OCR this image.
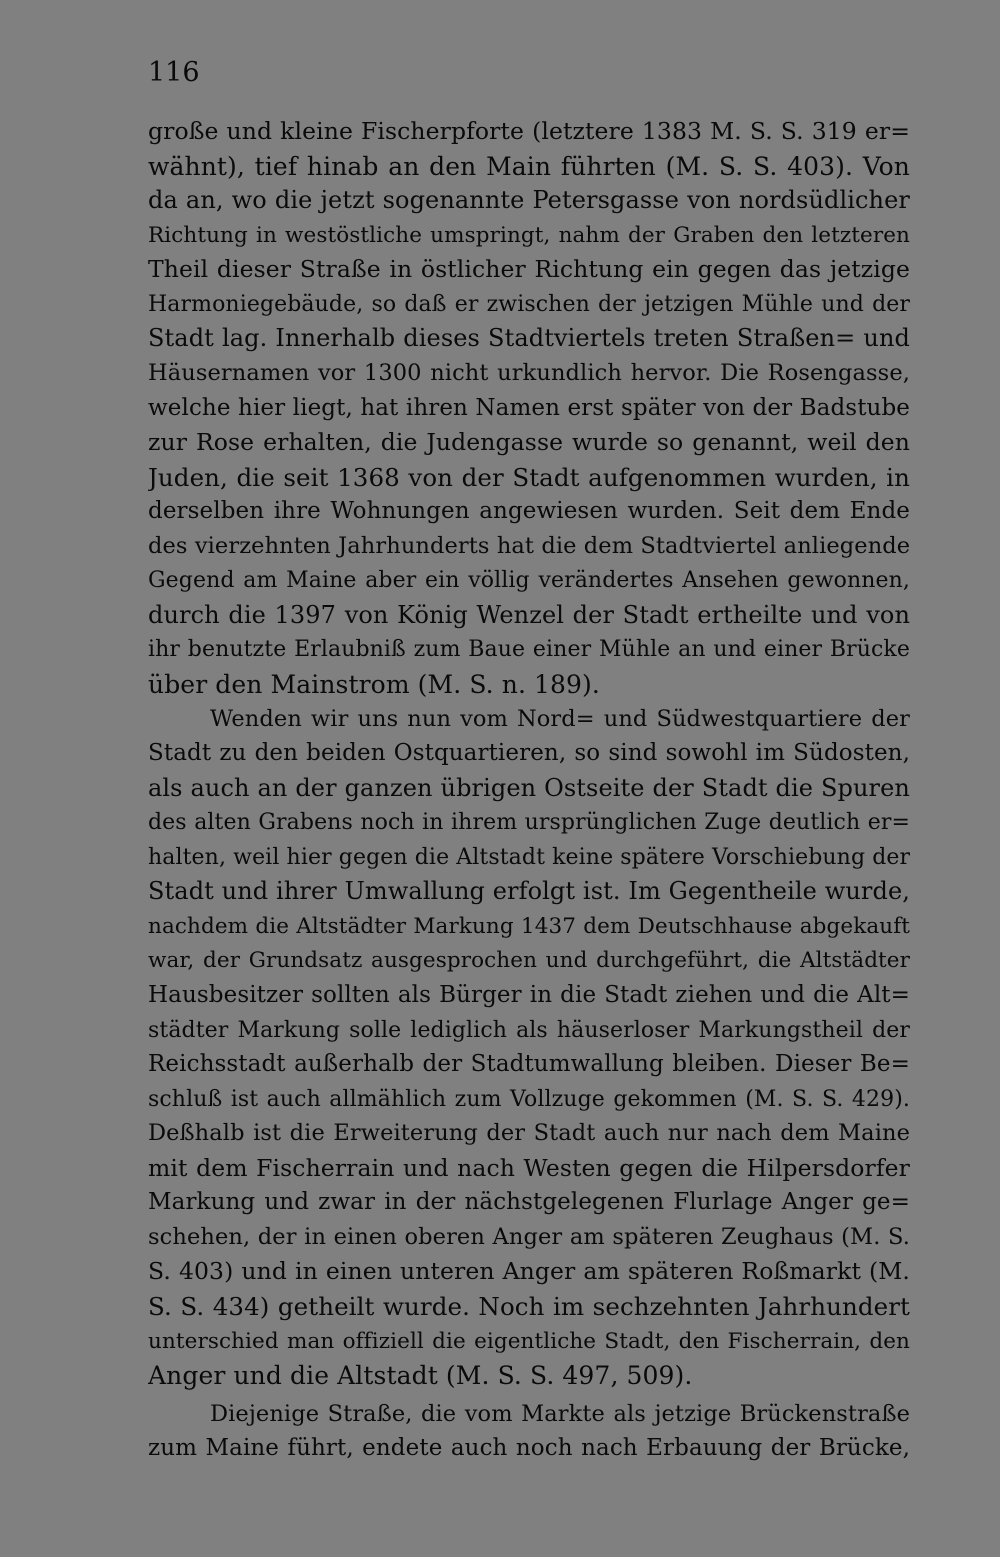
116
große und kleine Fischerpforte (letztere 1383 M. S. S. 319 er=
wähnt), tief hinab an den Main führten (M. S. S. 403). Von
da an, wo die jetzt sogenannte Petersgasse von nordsüdlicher
Richtung in westöstliche umspringt, nahm der Graben den letzteren
Theil dieser Straße in östlicher Richtung ein gegen das jetzige
Harmoniegebäude, so daß er zwischen der jetzigen Mühle und der
Stadt lag. Innerhalb dieses Stadtviertels treten Straßen= und
Häusernamen vor 1300 nicht urkundlich hervor. Die Rosengasse,
welche hier liegt, hat ihren Namen erst später von der Badstube
zur Rose erhalten, die Judengasse wurde so genannt, weil den
Juden, die seit 1368 von der Stadt aufgenommen wurden, in
derselben ihre Wohnungen angewiesen wurden. Seit dem Ende
des vierzehnten Jahrhunderts hat die dem Stadtviertel anliegende
Gegend am Maine aber ein völlig verändertes Ansehen gewonnen,
durch die 1397 von König Wenzel der Stadt ertheilte und von
ihr benutzte Erlaubniß zum Baue einer Mühle an und einer Brücke
über den Mainstrom (M. S. n. 189).
Wenden wir uns nun vom Nord= und Südwestquartiere der
Stadt zu den beiden Ostquartieren, so sind sowohl im Südosten,
als auch an der ganzen übrigen Ostseite der Stadt die Spuren
des alten Grabens noch in ihrem ursprünglichen Zuge deutlich er=
halten, weil hier gegen die Altstadt keine spätere Vorschiebung der
Stadt und ihrer Umwallung erfolgt ist. Im Gegentheile wurde,
nachdem die Altstädter Markung 1437 dem Deutschhause abgekauft
war, der Grundsatz ausgesprochen und durchgeführt, die Altstädter
Hausbesitzer sollten als Bürger in die Stadt ziehen und die Alt=
städter Markung solle lediglich als häuserloser Markungstheil der
Reichsstadt außerhalb der Stadtumwallung bleiben. Dieser Be=
schluß ist auch allmählich zum Vollzuge gekommen (M. S. S. 429).
Deßhalb ist die Erweiterung der Stadt auch nur nach dem Maine
mit dem Fischerrain und nach Westen gegen die Hilpersdorfer
Markung und zwar in der nächstgelegenen Flurlage Anger ge=
schehen, der in einen oberen Anger am späteren Zeughaus (M. S.
S. 403) und in einen unteren Anger am späteren Roßmarkt (M.
S. S. 434) getheilt wurde. Noch im sechzehnten Jahrhundert
unterschied man offiziell die eigentliche Stadt, den Fischerrain, den
Anger und die Altstadt (M. S. S. 497, 509).
Diejenige Straße, die vom Markte als jetzige Brückenstraße
zum Maine führt, endete auch noch nach Erbauung der Brücke,
